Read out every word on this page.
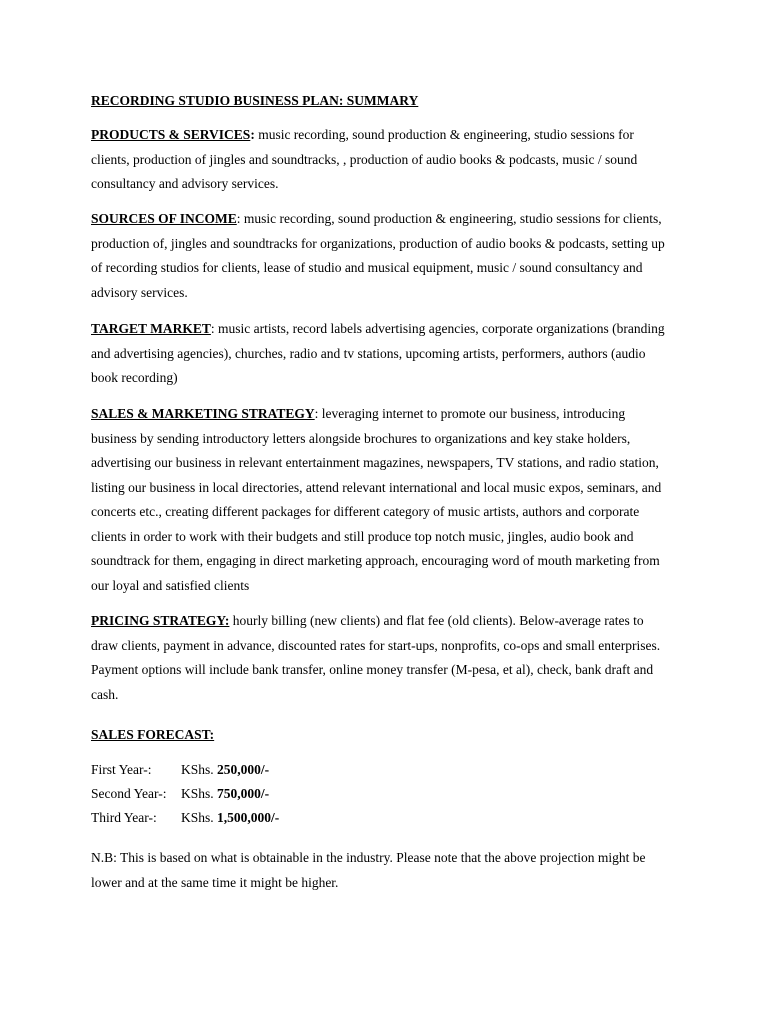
RECORDING STUDIO BUSINESS PLAN: SUMMARY
PRODUCTS & SERVICES: music recording, sound production & engineering, studio sessions for
clients, production of jingles and soundtracks, , production of audio books & podcasts, music / sound
consultancy and advisory services.
SOURCES OF INCOME: music recording, sound production & engineering, studio sessions for clients,
production of, jingles and soundtracks for organizations, production of audio books & podcasts, setting up
of recording studios for clients, lease of studio and musical equipment, music / sound consultancy and
advisory services.
TARGET MARKET: music artists, record labels advertising agencies, corporate organizations (branding
and advertising agencies), churches, radio and tv stations, upcoming artists, performers, authors (audio
book recording)
SALES & MARKETING STRATEGY: leveraging internet to promote our business, introducing
business by sending introductory letters alongside brochures to organizations and key stake holders,
advertising our business in relevant entertainment magazines, newspapers, TV stations, and radio station,
listing our business in local directories, attend relevant international and local music expos, seminars, and
concerts etc., creating different packages for different category of music artists, authors and corporate
clients in order to work with their budgets and still produce top notch music, jingles, audio book and
soundtrack for them, engaging in direct marketing approach, encouraging word of mouth marketing from
our loyal and satisfied clients
PRICING STRATEGY: hourly billing (new clients) and flat fee (old clients). Below-average rates to
draw clients, payment in advance, discounted rates for start-ups, nonprofits, co-ops and small enterprises.
Payment options will include bank transfer, online money transfer (M-pesa, et al), check, bank draft and
cash.
SALES FORECAST:
First Year-: KShs. 250,000/-
Second Year-: KShs. 750,000/-
Third Year-: KShs. 1,500,000/-
N.B: This is based on what is obtainable in the industry. Please note that the above projection might be
lower and at the same time it might be higher.
